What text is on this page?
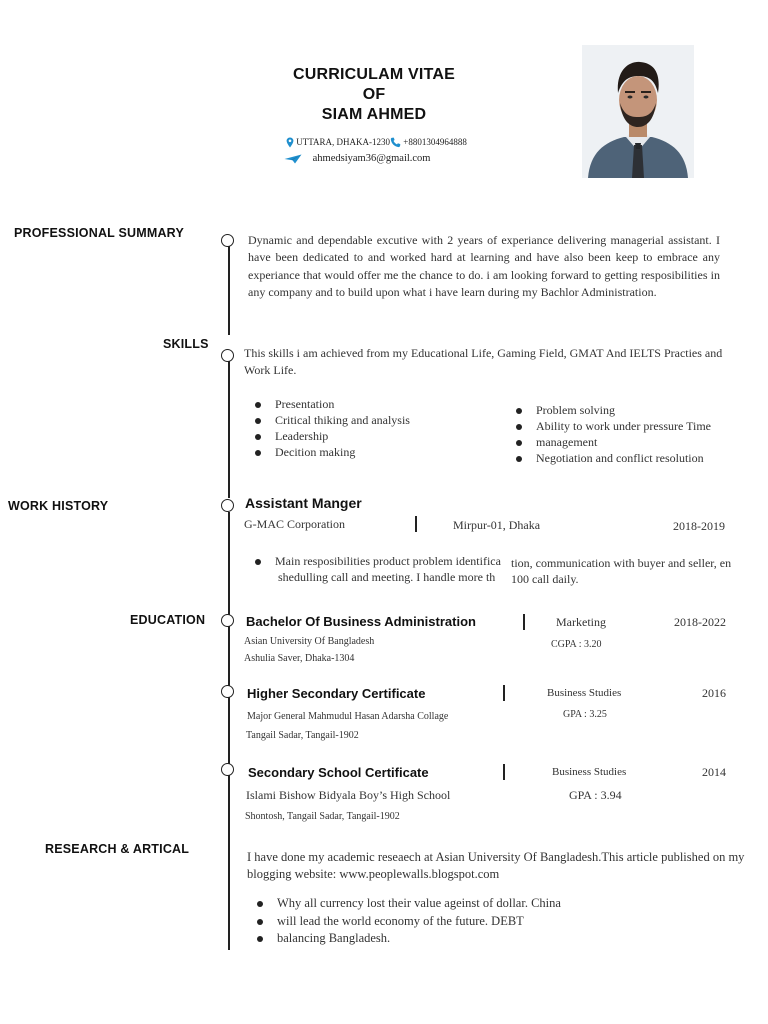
CURRICULAM VITAE
OF
SIAM AHMED
UTTARA, DHAKA-1230	+8801304964888
ahmedsiyam36@gmail.com
PROFESSIONAL SUMMARY	Dynamic and dependable excutive with 2 years of experiance delivering managerial assistant. I have been dedicated to and worked hard at learning and have also been keep to embrace any experiance that would offer me the chance to do. i am looking forward to getting resposibilities in any company and to build upon what i have learn during my Bachlor Administration.
SKILLS
This skills i am achieved from my Educational Life, Gaming Field, GMAT And IELTS Practies and Work Life.
Presentation
Critical thiking and analysis
Leadership
Decition making
Problem solving
Ability to work under pressure Time
management
Negotiation and conflict resolution
WORK HISTORY	Assistant Manger
G-MAC Corporation	Mirpur-01, Dhaka	2018-2019
Main resposibilities product problem identifica
shedulling call and meeting. I handle more th
tion, communication with buyer and seller, en
100 call daily.
EDUCATION	Bachelor Of Business Administration	Marketing	2018-2022
Asian University Of Bangladesh	CGPA : 3.20
Ashulia Saver, Dhaka-1304
Higher Secondary Certificate	Business Studies	2016
GPA : 3.25
Major General Mahmudul Hasan Adarsha Collage
Tangail Sadar, Tangail-1902
Secondary School Certificate	Business Studies	2014
Islami Bishow Bidyala Boy’s High School	GPA : 3.94
Shontosh, Tangail Sadar, Tangail-1902
RESEARCH & ARTICAL
I have done my academic reseaech at Asian University Of Bangladesh.This article published on my blogging website: www.peoplewalls.blogspot.com
Why all currency lost their value ageinst of dollar. China
will lead the world economy of the future. DEBT
balancing Bangladesh.
